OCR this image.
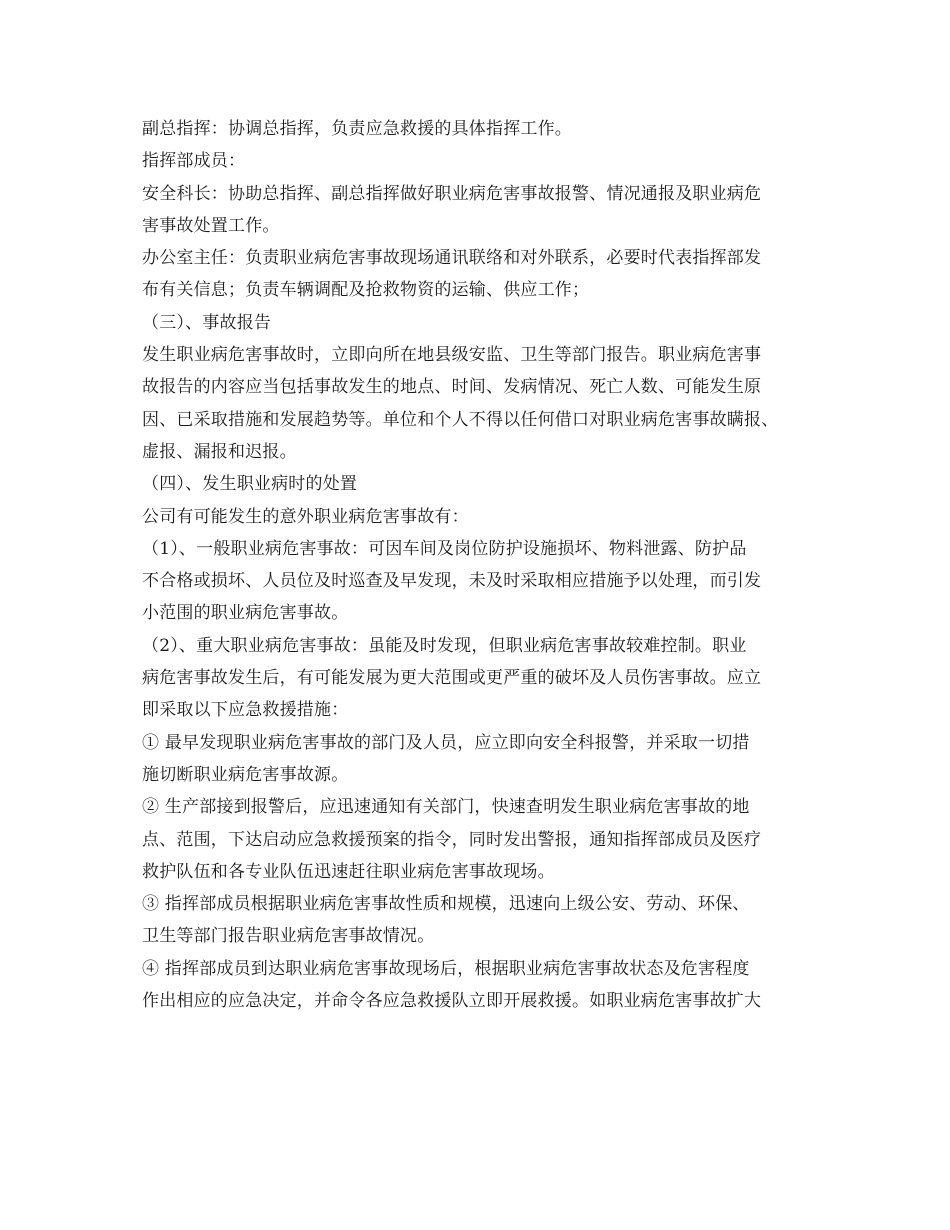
副总指挥：协调总指挥，负责应急救援的具体指挥工作。
指挥部成员：
安全科长：协助总指挥、副总指挥做好职业病危害事故报警、情况通报及职业病危
害事故处置工作。
办公室主任：负责职业病危害事故现场通讯联络和对外联系，必要时代表指挥部发
布有关信息；负责车辆调配及抢救物资的运输、供应工作；
（三）、事故报告
发生职业病危害事故时，立即向所在地县级安监、卫生等部门报告。职业病危害事
故报告的内容应当包括事故发生的地点、时间、发病情况、死亡人数、可能发生原
因、已采取措施和发展趋势等。单位和个人不得以任何借口对职业病危害事故瞒报、
虚报、漏报和迟报。
（四）、发生职业病时的处置
公司有可能发生的意外职业病危害事故有：
（1）、一般职业病危害事故：可因车间及岗位防护设施损坏、物料泄露、防护品
不合格或损坏、人员位及时巡查及早发现，未及时采取相应措施予以处理，而引发
小范围的职业病危害事故。
（2）、重大职业病危害事故：虽能及时发现，但职业病危害事故较难控制。职业
病危害事故发生后，有可能发展为更大范围或更严重的破坏及人员伤害事故。应立
即采取以下应急救援措施：
① 最早发现职业病危害事故的部门及人员，应立即向安全科报警，并采取一切措
施切断职业病危害事故源。
② 生产部接到报警后，应迅速通知有关部门，快速查明发生职业病危害事故的地
点、范围，下达启动应急救援预案的指令，同时发出警报，通知指挥部成员及医疗
救护队伍和各专业队伍迅速赶往职业病危害事故现场。
③ 指挥部成员根据职业病危害事故性质和规模，迅速向上级公安、劳动、环保、
卫生等部门报告职业病危害事故情况。
④ 指挥部成员到达职业病危害事故现场后，根据职业病危害事故状态及危害程度
作出相应的应急决定，并命令各应急救援队立即开展救援。如职业病危害事故扩大
